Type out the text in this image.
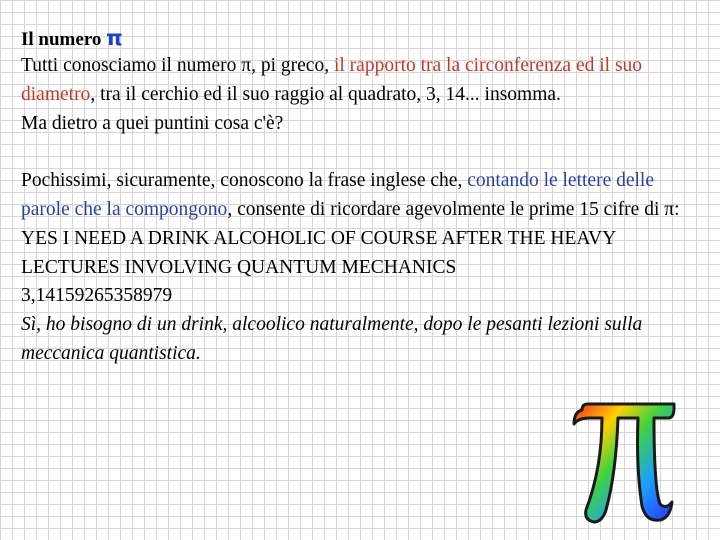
Il numero π

Tutti conosciamo il numero π, pi greco, il rapporto tra la circonferenza ed il suo diametro, tra il cerchio ed il suo raggio al quadrato, 3, 14... insomma.

Ma dietro a quei puntini cosa c'è?

Pochissimi, sicuramente, conoscono la frase inglese che, contando le lettere delle parole che la compongono, consente di ricordare agevolmente le prime 15 cifre di π:

YES I NEED A DRINK ALCOHOLIC OF COURSE AFTER THE HEAVY LECTURES INVOLVING QUANTUM MECHANICS

3,14159265358979

Sì, ho bisogno di un drink, alcoolico naturalmente, dopo le pesanti lezioni sulla meccanica quantistica.
